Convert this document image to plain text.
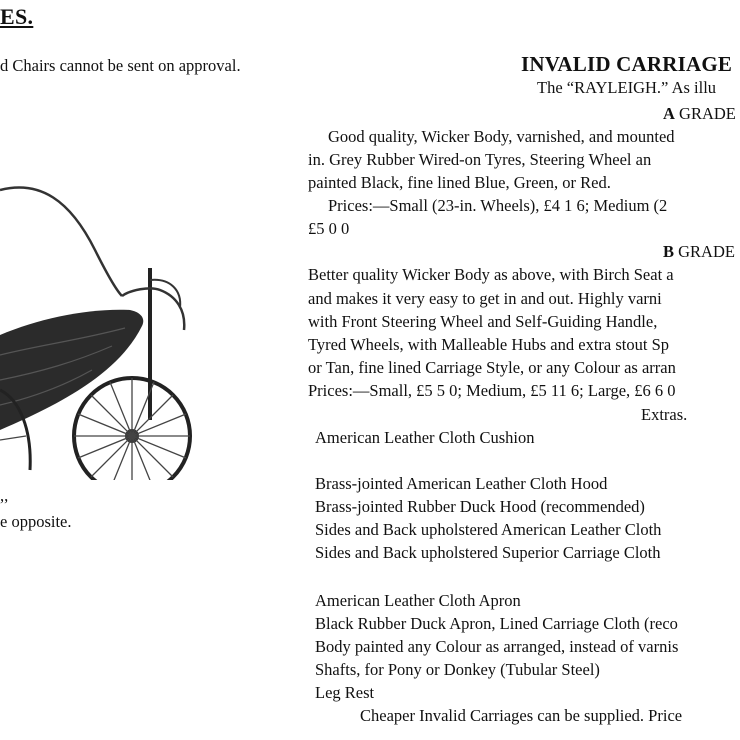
ES.
d Chairs cannot be sent on approval.
,,
e opposite.
INVALID CARRIAGE
The “RAYLEIGH.” As illu
A GRADE
Good quality, Wicker Body, varnished, and mounted
in. Grey Rubber Wired-on Tyres, Steering Wheel an
painted Black, fine lined Blue, Green, or Red.
Prices:—Small (23-in. Wheels), £4 1 6; Medium (2
£5 0 0
B GRADE
Better quality Wicker Body as above, with Birch Seat a
and makes it very easy to get in and out. Highly varni
with Front Steering Wheel and Self-Guiding Handle,
Tyred Wheels, with Malleable Hubs and extra stout Sp
or Tan, fine lined Carriage Style, or any Colour as arran
Prices:—Small, £5 5 0; Medium, £5 11 6; Large, £6 6 0
Extras.
American Leather Cloth Cushion
Brass-jointed American Leather Cloth Hood
Brass-jointed Rubber Duck Hood (recommended)
Sides and Back upholstered American Leather Cloth
Sides and Back upholstered Superior Carriage Cloth
American Leather Cloth Apron
Black Rubber Duck Apron, Lined Carriage Cloth (reco
Body painted any Colour as arranged, instead of varnis
Shafts, for Pony or Donkey (Tubular Steel)
Leg Rest
Cheaper Invalid Carriages can be supplied. Price
